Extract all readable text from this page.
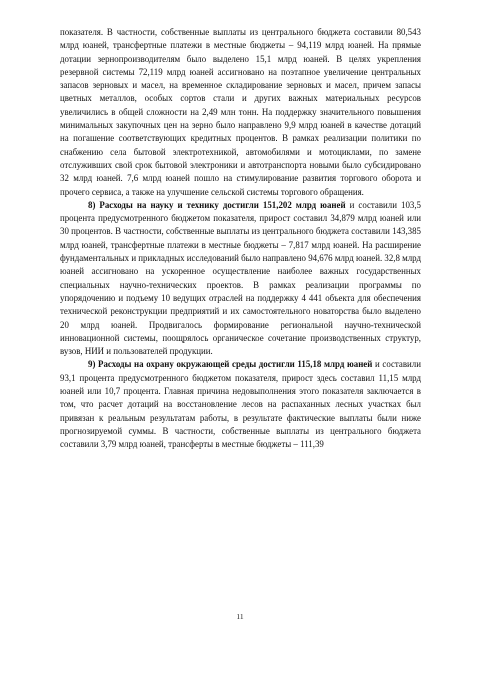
показателя. В частности, собственные выплаты из центрального бюджета составили 80,543 млрд юаней, трансфертные платежи в местные бюджеты – 94,119 млрд юаней. На прямые дотации зернопроизводителям было выделено 15,1 млрд юаней. В целях укрепления резервной системы 72,119 млрд юаней ассигновано на поэтапное увеличение центральных запасов зерновых и масел, на временное складирование зерновых и масел, причем запасы цветных металлов, особых сортов стали и других важных материальных ресурсов увеличились в общей сложности на 2,49 млн тонн. На поддержку значительного повышения минимальных закупочных цен на зерно было направлено 9,9 млрд юаней в качестве дотаций на погашение соответствующих кредитных процентов. В рамках реализации политики по снабжению села бытовой электротехникой, автомобилями и мотоциклами, по замене отслуживших свой срок бытовой электроники и автотранспорта новыми было субсидировано 32 млрд юаней. 7,6 млрд юаней пошло на стимулирование развития торгового оборота и прочего сервиса, а также на улучшение сельской системы торгового обращения.

8) Расходы на науку и технику достигли 151,202 млрд юаней и составили 103,5 процента предусмотренного бюджетом показателя, прирост составил 34,879 млрд юаней или 30 процентов. В частности, собственные выплаты из центрального бюджета составили 143,385 млрд юаней, трансфертные платежи в местные бюджеты – 7,817 млрд юаней. На расширение фундаментальных и прикладных исследований было направлено 94,676 млрд юаней. 32,8 млрд юаней ассигновано на ускоренное осуществление наиболее важных государственных специальных научно-технических проектов. В рамках реализации программы по упорядочению и подъему 10 ведущих отраслей на поддержку 4 441 объекта для обеспечения технической реконструкции предприятий и их самостоятельного новаторства было выделено 20 млрд юаней. Продвигалось формирование региональной научно-технической инновационной системы, поощрялось органическое сочетание производственных структур, вузов, НИИ и пользователей продукции.

9) Расходы на охрану окружающей среды достигли 115,18 млрд юаней и составили 93,1 процента предусмотренного бюджетом показателя, прирост здесь составил 11,15 млрд юаней или 10,7 процента. Главная причина недовыполнения этого показателя заключается в том, что расчет дотаций на восстановление лесов на распаханных лесных участках был привязан к реальным результатам работы, в результате фактические выплаты были ниже прогнозируемой суммы. В частности, собственные выплаты из центрального бюджета составили 3,79 млрд юаней, трансферты в местные бюджеты – 111,39

11
